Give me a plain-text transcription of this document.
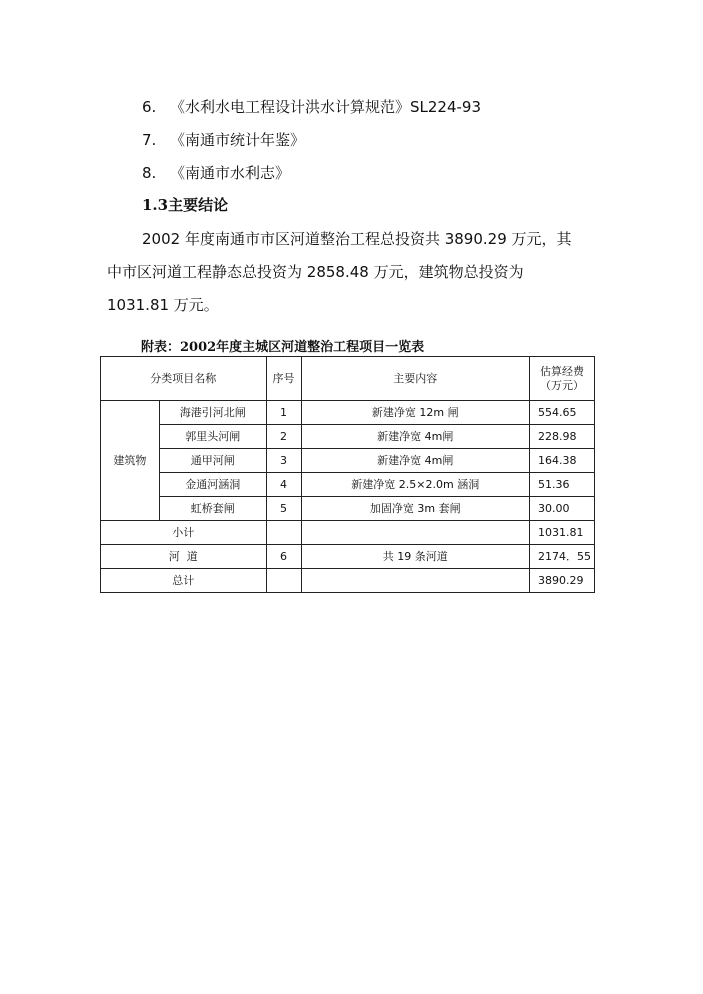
6. 《水利水电工程设计洪水计算规范》SL224-93
7. 《南通市统计年鉴》
8. 《南通市水利志》
1.3主要结论
2002 年度南通市市区河道整治工程总投资共 3890.29 万元，其
中市区河道工程静态总投资为 2858.48 万元，建筑物总投资为
1031.81 万元。
附表：2002年度主城区河道整治工程项目一览表
分类项目名称		序号	主要内容	估算经费
（万元）
建筑物	海港引河北闸	1	新建净宽 12m 闸	554.65
	郭里头河闸	2	新建净宽 4m闸	228.98
	通甲河闸	3	新建净宽 4m闸	164.38
	金通河涵洞	4	新建净宽 2.5×2.0m 涵洞	51.36
	虹桥套闸	5	加固净宽 3m 套闸	30.00
小计				1031.81
河  道		6	共 19 条河道	2174．55
总计				3890.29
